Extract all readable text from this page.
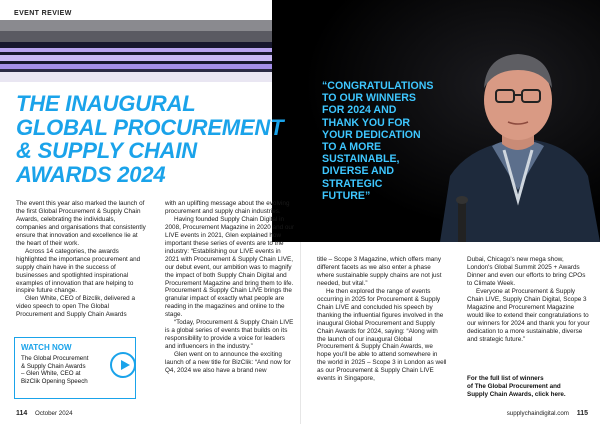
EVENT REVIEW
“CONGRATULATIONS
TO OUR WINNERS
FOR 2024 AND
THANK YOU FOR
YOUR DEDICATION
TO A MORE
SUSTAINABLE,
DIVERSE AND
STRATEGIC
FUTURE”
THE INAUGURAL
GLOBAL PROCUREMENT
& SUPPLY CHAIN
AWARDS 2024

The event this year also marked the launch of the first Global Procurement & Supply Chain Awards, celebrating the individuals, companies and organisations that consistently ensure that innovation and excellence lie at the heart of their work.

Across 14 categories, the awards highlighted the importance procurement and supply chain have in the success of businesses and spotlighted inspirational examples of innovation that are helping to inspire future change.

Glen White, CEO of Bizclik, delivered a video speech to open The Global Procurement and Supply Chain Awards

with an uplifting message about the evolving procurement and supply chain industries.

Having founded Supply Chain Digital in 2008, Procurement Magazine in 2020 and our LIVE events in 2021, Glen explained how important these series of events are to the industry: “Establishing our LIVE events in 2021 with Procurement & Supply Chain LIVE, our debut event, our ambition was to magnify the impact of both Supply Chain Digital and Procurement Magazine and bring them to life. Procurement & Supply Chain LIVE brings the granular impact of exactly what people are reading in the magazines and online to the stage.

“Today, Procurement & Supply Chain LIVE is a global series of events that builds on its responsibility to provide a voice for leaders and influencers in the industry.”

Glen went on to announce the exciting launch of a new title for BizClik: “And now for Q4, 2024 we also have a brand new

title – Scope 3 Magazine, which offers many different facets as we also enter a phase where sustainable supply chains are not just needed, but vital.”

He then explored the range of events occurring in 2025 for Procurement & Supply Chain LIVE and concluded his speech by thanking the influential figures involved in the inaugural Global Procurement and Supply Chain Awards for 2024, saying: “Along with the launch of our inaugural Global Procurement & Supply Chain Awards, we hope you'll be able to attend somewhere in the world in 2025 – Scope 3 in London as well as our Procurement & Supply Chain LIVE events in Singapore,

Dubai, Chicago's new mega show, London's Global Summit 2025 + Awards Dinner and even our efforts to bring CPOs to Climate Week.

Everyone at Procurement & Supply Chain LIVE, Supply Chain Digital, Scope 3 Magazine and Procurement Magazine would like to extend their congratulations to our winners for 2024 and thank you for your dedication to a more sustainable, diverse and strategic future.”

For the full list of winners
of The Global Procurement and
Supply Chain Awards, click here.
WATCH NOW
The Global Procurement
& Supply Chain Awards
– Glen White, CEO at
BizClik Opening Speech
114 October 2024	supplychaindigital.com 115
